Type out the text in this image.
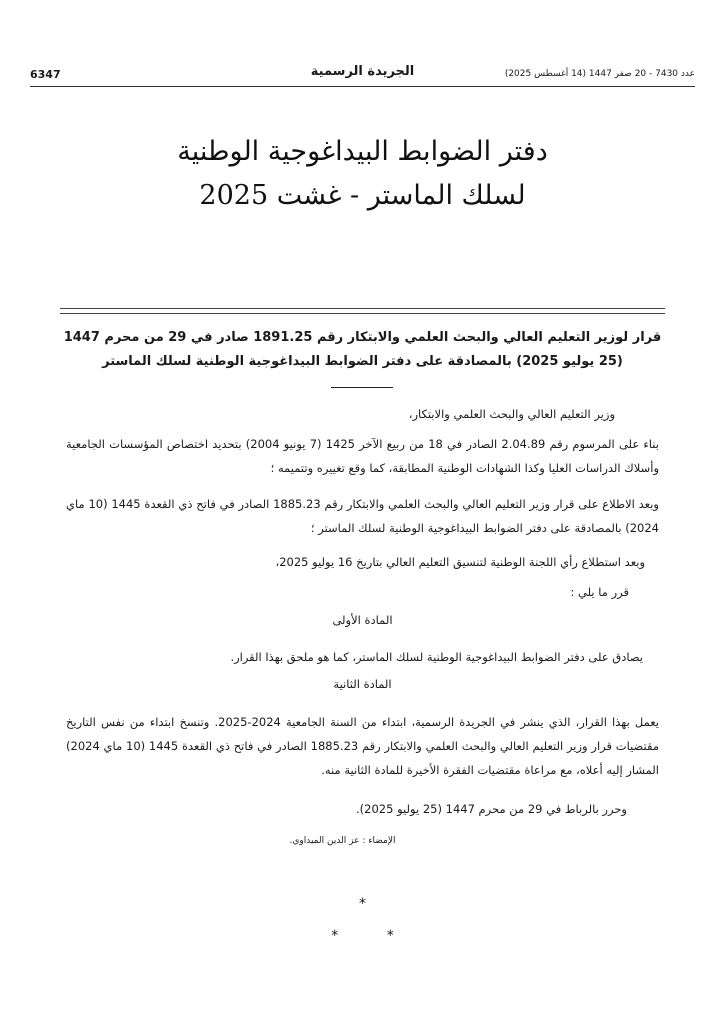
6347	الجريدة الرسمية	عدد 7430 - 20 صفر 1447 (14 أغسطس 2025)
دفتر الضوابط البيداغوجية الوطنية
لسلك الماستر - غشت 2025
قرار لوزير التعليم العالي والبحث العلمي والابتكار رقم 1891.25 صادر في 29 من محرم 1447 (25 يوليو 2025) بالمصادقة على دفتر الضوابط البيداغوجية الوطنية لسلك الماستر
وزير التعليم العالي والبحث العلمي والابتكار،
بناء على المرسوم رقم 2.04.89 الصادر في 18 من ربيع الآخر 1425 (7 يونيو 2004) بتحديد اختصاص المؤسسات الجامعية وأسلاك الدراسات العليا وكذا الشهادات الوطنية المطابقة، كما وقع تغييره وتتميمه ؛
وبعد الاطلاع على قرار وزير التعليم العالي والبحث العلمي والابتكار رقم 1885.23 الصادر في فاتح ذي القعدة 1445 (10 ماي 2024) بالمصادقة على دفتر الضوابط البيداغوجية الوطنية لسلك الماستر ؛
وبعد استطلاع رأي اللجنة الوطنية لتنسيق التعليم العالي بتاريخ 16 يوليو 2025،
قرر ما يلي :
المادة الأولى
يصادق على دفتر الضوابط البيداغوجية الوطنية لسلك الماستر، كما هو ملحق بهذا القرار.
المادة الثانية
يعمل بهذا القرار، الذي ينشر في الجريدة الرسمية، ابتداء من السنة الجامعية 2024-2025. وتنسخ ابتداء من نفس التاريخ مقتضيات قرار وزير التعليم العالي والبحث العلمي والابتكار رقم 1885.23 الصادر في فاتح ذي القعدة 1445 (10 ماي 2024) المشار إليه أعلاه، مع مراعاة مقتضيات الفقرة الأخيرة للمادة الثانية منه.
وحرر بالرباط في 29 من محرم 1447 (25 يوليو 2025).
الإمضاء : عز الدين الميداوي.
*
* *
